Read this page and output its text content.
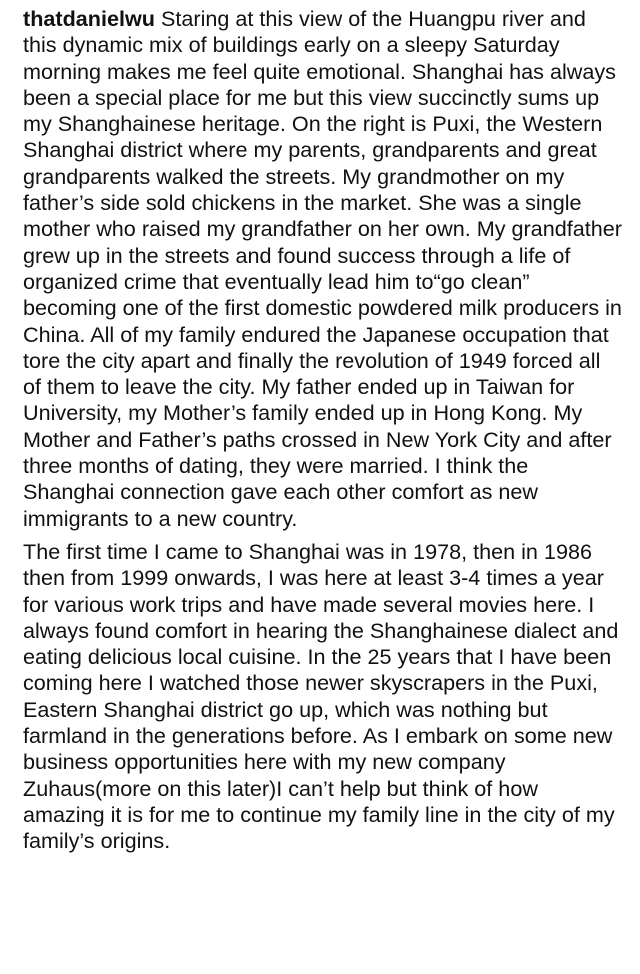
thatdanielwu Staring at this view of the Huangpu river and this dynamic mix of buildings early on a sleepy Saturday morning makes me feel quite emotional. Shanghai has always been a special place for me but this view succinctly sums up my Shanghainese heritage. On the right is Puxi, the Western Shanghai district where my parents, grandparents and great grandparents walked the streets. My grandmother on my father’s side sold chickens in the market. She was a single mother who raised my grandfather on her own. My grandfather grew up in the streets and found success through a life of organized crime that eventually lead him to“go clean” becoming one of the first domestic powdered milk producers in China. All of my family endured the Japanese occupation that tore the city apart and finally the revolution of 1949 forced all of them to leave the city. My father ended up in Taiwan for University, my Mother’s family ended up in Hong Kong. My Mother and Father’s paths crossed in New York City and after three months of dating, they were married. I think the Shanghai connection gave each other comfort as new immigrants to a new country.

The first time I came to Shanghai was in 1978, then in 1986 then from 1999 onwards, I was here at least 3-4 times a year for various work trips and have made several movies here. I always found comfort in hearing the Shanghainese dialect and eating delicious local cuisine. In the 25 years that I have been coming here I watched those newer skyscrapers in the Puxi, Eastern Shanghai district go up, which was nothing but farmland in the generations before. As I embark on some new business opportunities here with my new company Zuhaus(more on this later)I can’t help but think of how amazing it is for me to continue my family line in the city of my family’s origins.
